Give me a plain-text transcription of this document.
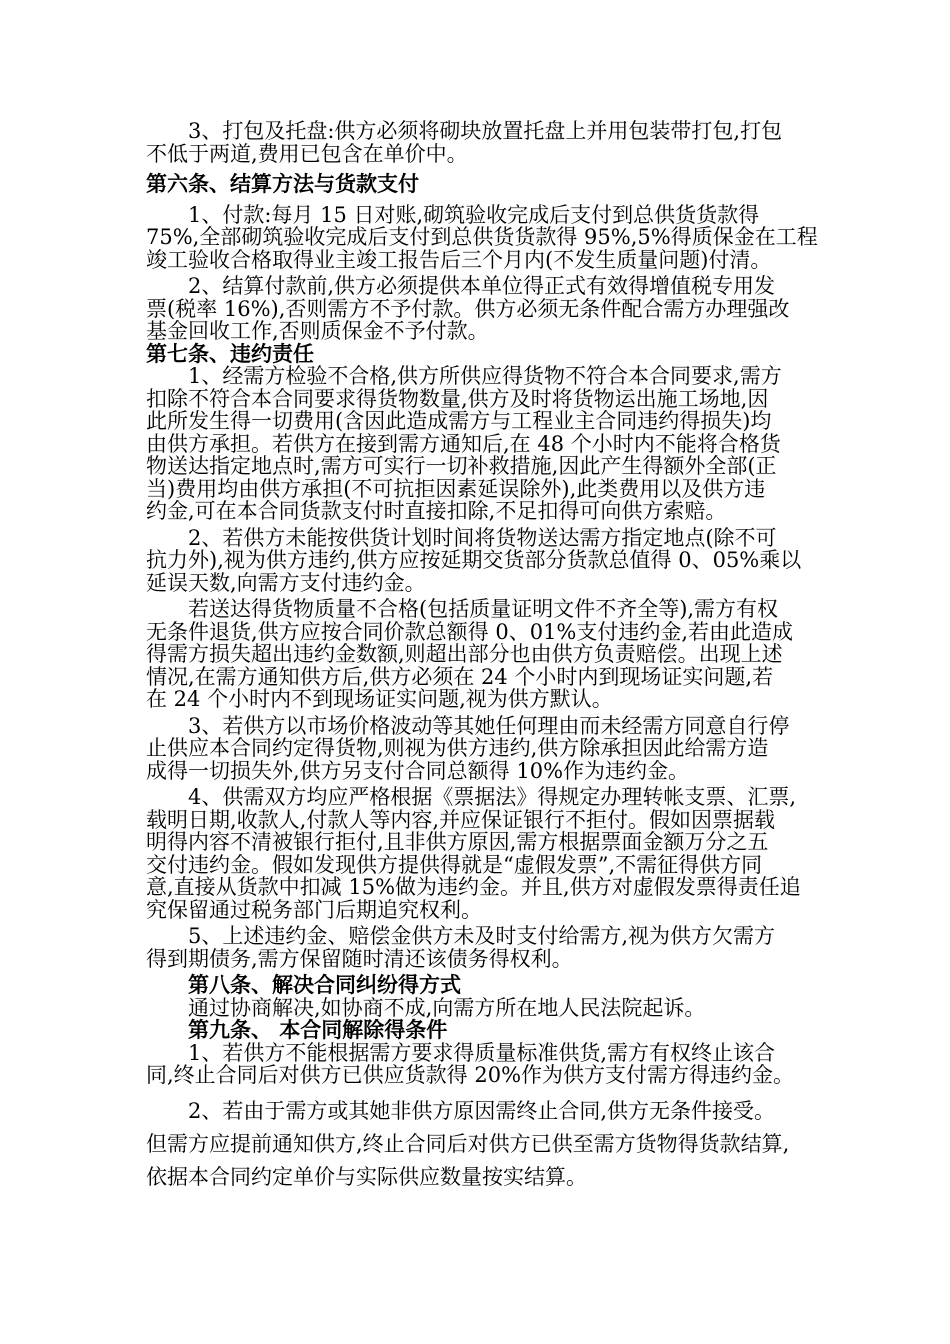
3、打包及托盘:供方必须将砌块放置托盘上并用包装带打包,打包
不低于两道,费用已包含在单价中。
第六条、结算方法与货款支付
1、付款:每月 15 日对账,砌筑验收完成后支付到总供货货款得
75%,全部砌筑验收完成后支付到总供货货款得 95%,5%得质保金在工程
竣工验收合格取得业主竣工报告后三个月内(不发生质量问题)付清。
2、结算付款前,供方必须提供本单位得正式有效得增值税专用发
票(税率 16%),否则需方不予付款。供方必须无条件配合需方办理强改
基金回收工作,否则质保金不予付款。
第七条、违约责任
1、经需方检验不合格,供方所供应得货物不符合本合同要求,需方
扣除不符合本合同要求得货物数量,供方及时将货物运出施工场地,因
此所发生得一切费用(含因此造成需方与工程业主合同违约得损失)均
由供方承担。若供方在接到需方通知后,在 48 个小时内不能将合格货
物送达指定地点时,需方可实行一切补救措施,因此产生得额外全部(正
当)费用均由供方承担(不可抗拒因素延误除外),此类费用以及供方违
约金,可在本合同货款支付时直接扣除,不足扣得可向供方索赔。
2、若供方未能按供货计划时间将货物送达需方指定地点(除不可
抗力外),视为供方违约,供方应按延期交货部分货款总值得 0、05%乘以
延误天数,向需方支付违约金。
若送达得货物质量不合格(包括质量证明文件不齐全等),需方有权
无条件退货,供方应按合同价款总额得 0、01%支付违约金,若由此造成
得需方损失超出违约金数额,则超出部分也由供方负责赔偿。出现上述
情况,在需方通知供方后,供方必须在 24 个小时内到现场证实问题,若
在 24 个小时内不到现场证实问题,视为供方默认。
3、若供方以市场价格波动等其她任何理由而未经需方同意自行停
止供应本合同约定得货物,则视为供方违约,供方除承担因此给需方造
成得一切损失外,供方另支付合同总额得 10%作为违约金。
4、供需双方均应严格根据《票据法》得规定办理转帐支票、汇票,
载明日期,收款人,付款人等内容,并应保证银行不拒付。假如因票据载
明得内容不清被银行拒付,且非供方原因,需方根据票面金额万分之五
交付违约金。假如发现供方提供得就是“虚假发票”,不需征得供方同
意,直接从货款中扣减 15%做为违约金。并且,供方对虚假发票得责任追
究保留通过税务部门后期追究权利。
5、上述违约金、赔偿金供方未及时支付给需方,视为供方欠需方
得到期债务,需方保留随时清还该债务得权利。
第八条、解决合同纠纷得方式
通过协商解决,如协商不成,向需方所在地人民法院起诉。
第九条、 本合同解除得条件
1、若供方不能根据需方要求得质量标准供货,需方有权终止该合
同,终止合同后对供方已供应货款得 20%作为供方支付需方得违约金。
2、若由于需方或其她非供方原因需终止合同,供方无条件接受。
但需方应提前通知供方,终止合同后对供方已供至需方货物得货款结算,
依据本合同约定单价与实际供应数量按实结算。
